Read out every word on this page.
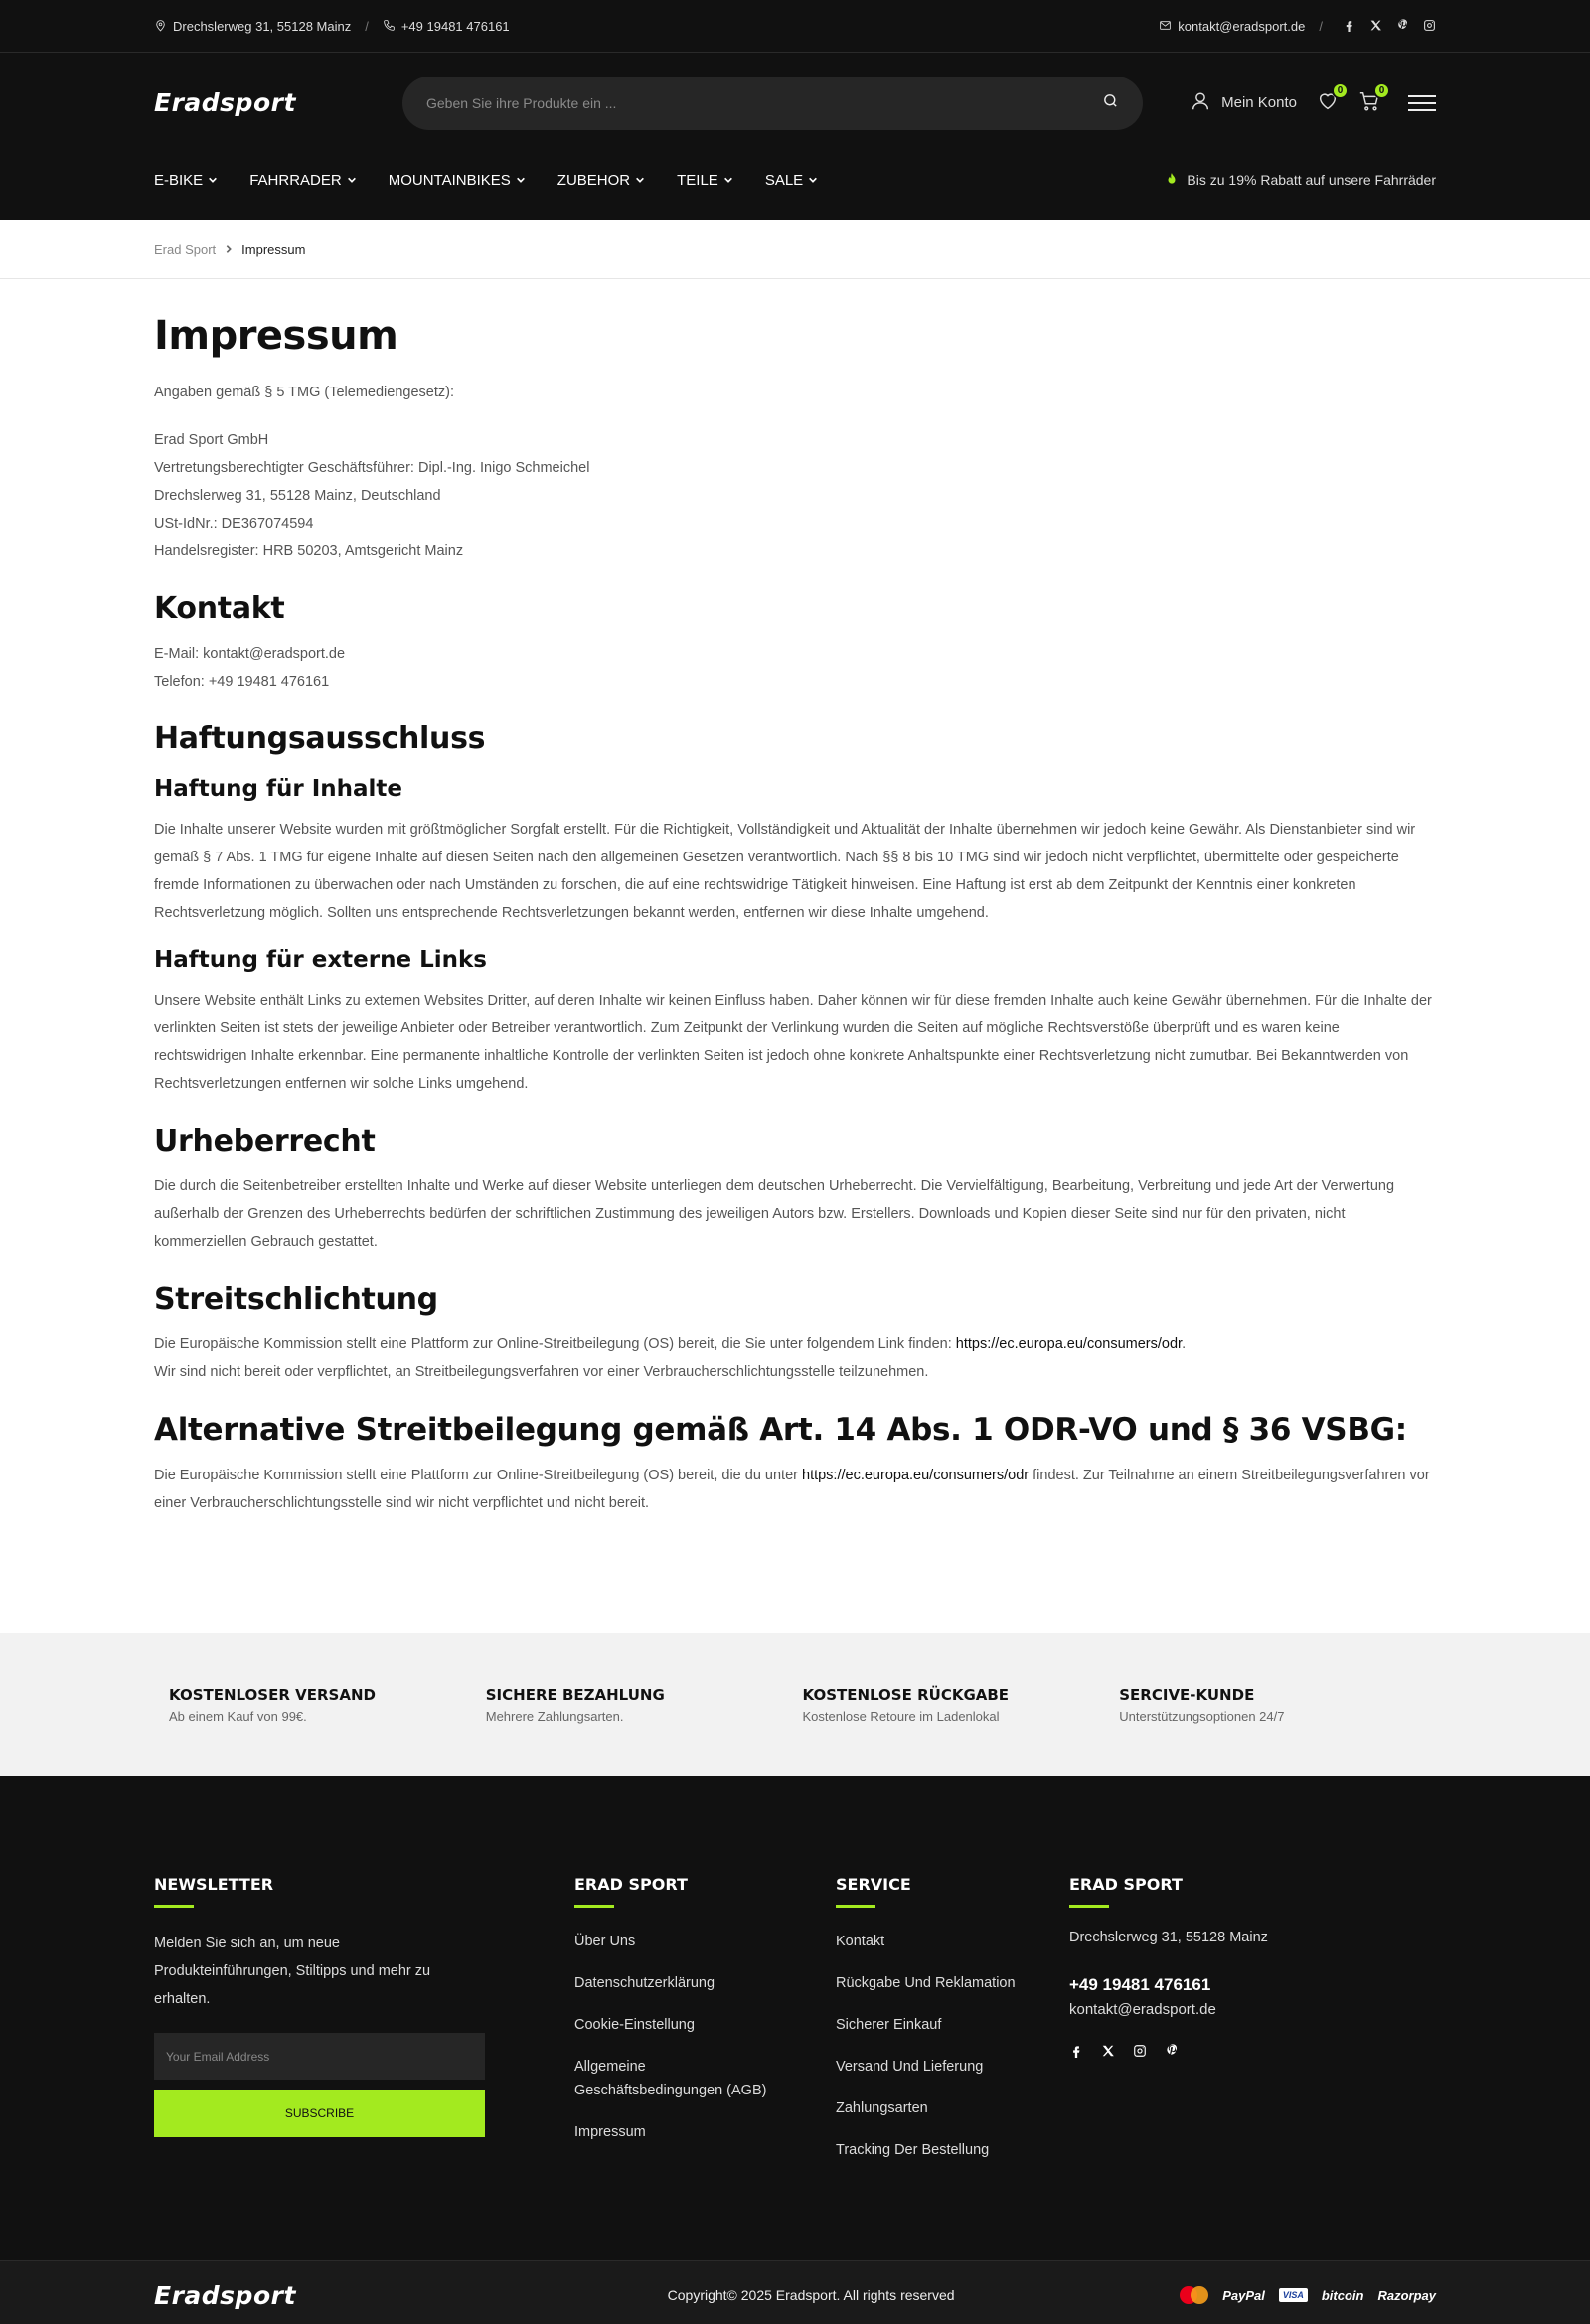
Drechslerweg 31, 55128 Mainz /	+49 19481 476161	kontakt@eradsport.de /
Eradsport
Geben Sie ihre Produkte ein ...	Mein Konto
0	0
E-BIKE	FAHRRADER	MOUNTAINBIKES	ZUBEHOR	TEILE	SALE	Bis zu 19% Rabatt auf unsere Fahrräder
Erad Sport Impressum
Impressum

Angaben gemäß § 5 TMG (Telemediengesetz):

Erad Sport GmbH

Vertretungsberechtigter Geschäftsführer: Dipl.-Ing. Inigo Schmeichel

Drechslerweg 31, 55128 Mainz, Deutschland

USt-IdNr.: DE367074594

Handelsregister: HRB 50203, Amtsgericht Mainz

Kontakt

E-Mail: kontakt@eradsport.de

Telefon: +49 19481 476161

Haftungsausschluss
Haftung für Inhalte

Die Inhalte unserer Website wurden mit größtmöglicher Sorgfalt erstellt. Für die Richtigkeit, Vollständigkeit und Aktualität der Inhalte übernehmen wir jedoch keine Gewähr. Als Dienstanbieter sind wir gemäß § 7 Abs. 1 TMG für eigene Inhalte auf diesen Seiten nach den allgemeinen Gesetzen verantwortlich. Nach §§ 8 bis 10 TMG sind wir jedoch nicht verpflichtet, übermittelte oder gespeicherte fremde Informationen zu überwachen oder nach Umständen zu forschen, die auf eine rechtswidrige Tätigkeit hinweisen. Eine Haftung ist erst ab dem Zeitpunkt der Kenntnis einer konkreten Rechtsverletzung möglich. Sollten uns entsprechende Rechtsverletzungen bekannt werden, entfernen wir diese Inhalte umgehend.

Haftung für externe Links

Unsere Website enthält Links zu externen Websites Dritter, auf deren Inhalte wir keinen Einfluss haben. Daher können wir für diese fremden Inhalte auch keine Gewähr übernehmen. Für die Inhalte der verlinkten Seiten ist stets der jeweilige Anbieter oder Betreiber verantwortlich. Zum Zeitpunkt der Verlinkung wurden die Seiten auf mögliche Rechtsverstöße überprüft und es waren keine rechtswidrigen Inhalte erkennbar. Eine permanente inhaltliche Kontrolle der verlinkten Seiten ist jedoch ohne konkrete Anhaltspunkte einer Rechtsverletzung nicht zumutbar. Bei Bekanntwerden von Rechtsverletzungen entfernen wir solche Links umgehend.

Urheberrecht

Die durch die Seitenbetreiber erstellten Inhalte und Werke auf dieser Website unterliegen dem deutschen Urheberrecht. Die Vervielfältigung, Bearbeitung, Verbreitung und jede Art der Verwertung außerhalb der Grenzen des Urheberrechts bedürfen der schriftlichen Zustimmung des jeweiligen Autors bzw. Erstellers. Downloads und Kopien dieser Seite sind nur für den privaten, nicht kommerziellen Gebrauch gestattet.

Streitschlichtung

Die Europäische Kommission stellt eine Plattform zur Online-Streitbeilegung (OS) bereit, die Sie unter folgendem Link finden: https://ec.europa.eu/consumers/odr.

Wir sind nicht bereit oder verpflichtet, an Streitbeilegungsverfahren vor einer Verbraucherschlichtungsstelle teilzunehmen.

Alternative Streitbeilegung gemäß Art. 14 Abs. 1 ODR-VO und § 36 VSBG:

Die Europäische Kommission stellt eine Plattform zur Online-Streitbeilegung (OS) bereit, die du unter https://ec.europa.eu/consumers/odr findest. Zur Teilnahme an einem Streitbeilegungsverfahren vor einer Verbraucherschlichtungsstelle sind wir nicht verpflichtet und nicht bereit.

KOSTENLOSER VERSAND
Ab einem Kauf von 99€.
SICHERE BEZAHLUNG
Mehrere Zahlungsarten.
KOSTENLOSE RÜCKGABE
Kostenlose Retoure im Ladenlokal
SERCIVE-KUNDE
Unterstützungsoptionen 24/7
NEWSLETTER

Melden Sie sich an, um neue Produkteinführungen, Stiltipps und mehr zu erhalten.

Your Email Address SUBSCRIBE
ERAD SPORT
Über Uns
Datenschutzerklärung
Cookie-Einstellung
Allgemeine Geschäftsbedingungen (AGB)
Impressum
SERVICE
Kontakt
Rückgabe Und Reklamation
Sicherer Einkauf
Versand Und Lieferung
Zahlungsarten
Tracking Der Bestellung
ERAD SPORT
Drechslerweg 31, 55128 Mainz
+49 19481 476161
kontakt@eradsport.de
Eradsport	Copyright© 2025 Eradsport. All rights reserved	PayPal	VISA	bitcoin Razorpay
